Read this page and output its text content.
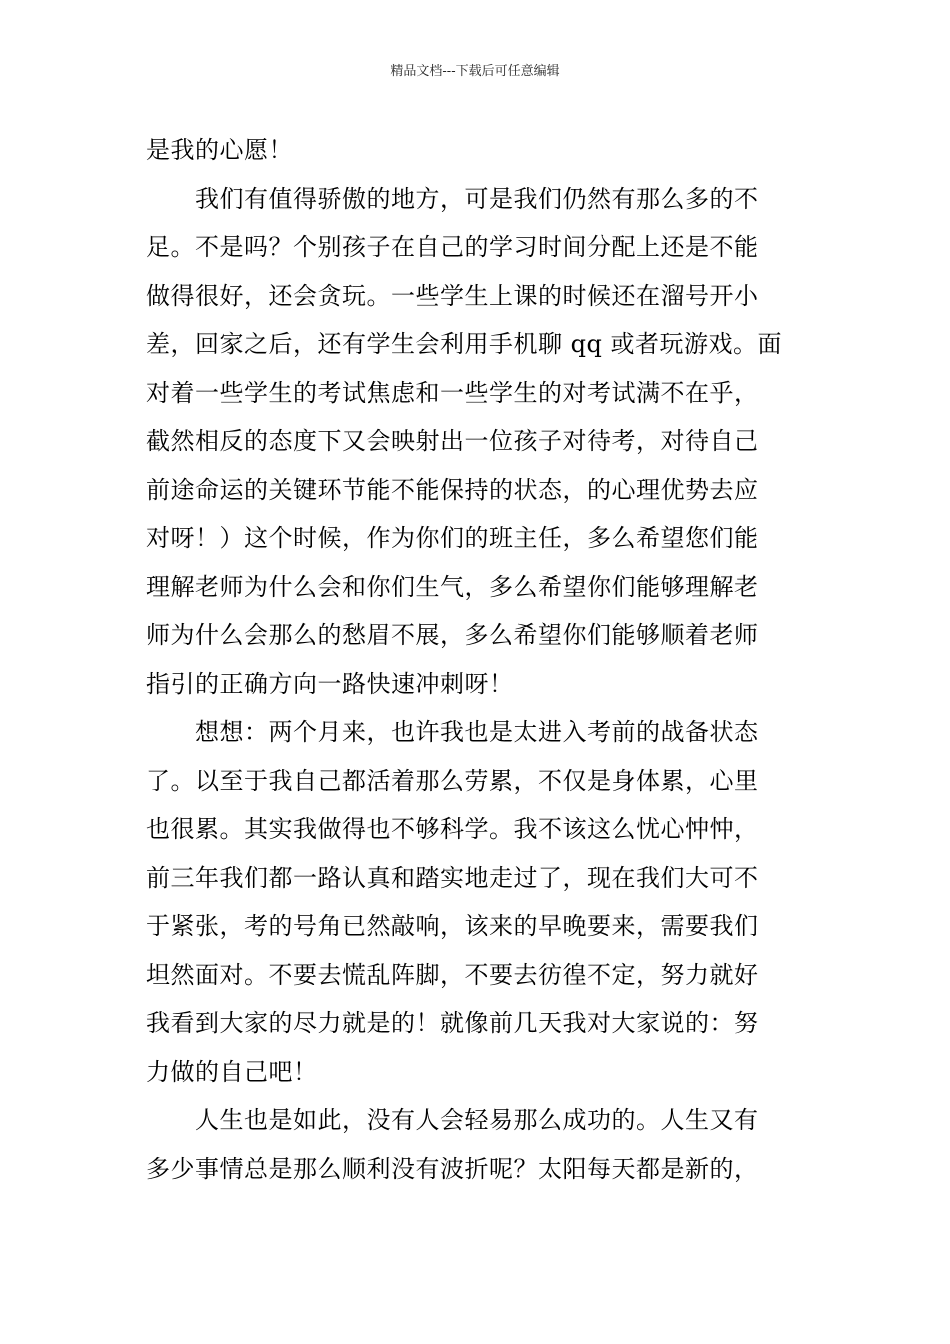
精品文档---下载后可任意编辑
是我的心愿！
　　我们有值得骄傲的地方，可是我们仍然有那么多的不
足。不是吗？个别孩子在自己的学习时间分配上还是不能
做得很好，还会贪玩。一些学生上课的时候还在溜号开小
差，回家之后，还有学生会利用手机聊 qq 或者玩游戏。面
对着一些学生的考试焦虑和一些学生的对考试满不在乎，
截然相反的态度下又会映射出一位孩子对待考，对待自己
前途命运的关键环节能不能保持的状态，的心理优势去应
对呀！）这个时候，作为你们的班主任，多么希望您们能
理解老师为什么会和你们生气，多么希望你们能够理解老
师为什么会那么的愁眉不展，多么希望你们能够顺着老师
指引的正确方向一路快速冲刺呀！
　　想想：两个月来，也许我也是太进入考前的战备状态
了。以至于我自己都活着那么劳累，不仅是身体累，心里
也很累。其实我做得也不够科学。我不该这么忧心忡忡，
前三年我们都一路认真和踏实地走过了，现在我们大可不
于紧张，考的号角已然敲响，该来的早晚要来，需要我们
坦然面对。不要去慌乱阵脚，不要去彷徨不定，努力就好
我看到大家的尽力就是的！就像前几天我对大家说的：努
力做的自己吧！
　　人生也是如此，没有人会轻易那么成功的。人生又有
多少事情总是那么顺利没有波折呢？太阳每天都是新的，
